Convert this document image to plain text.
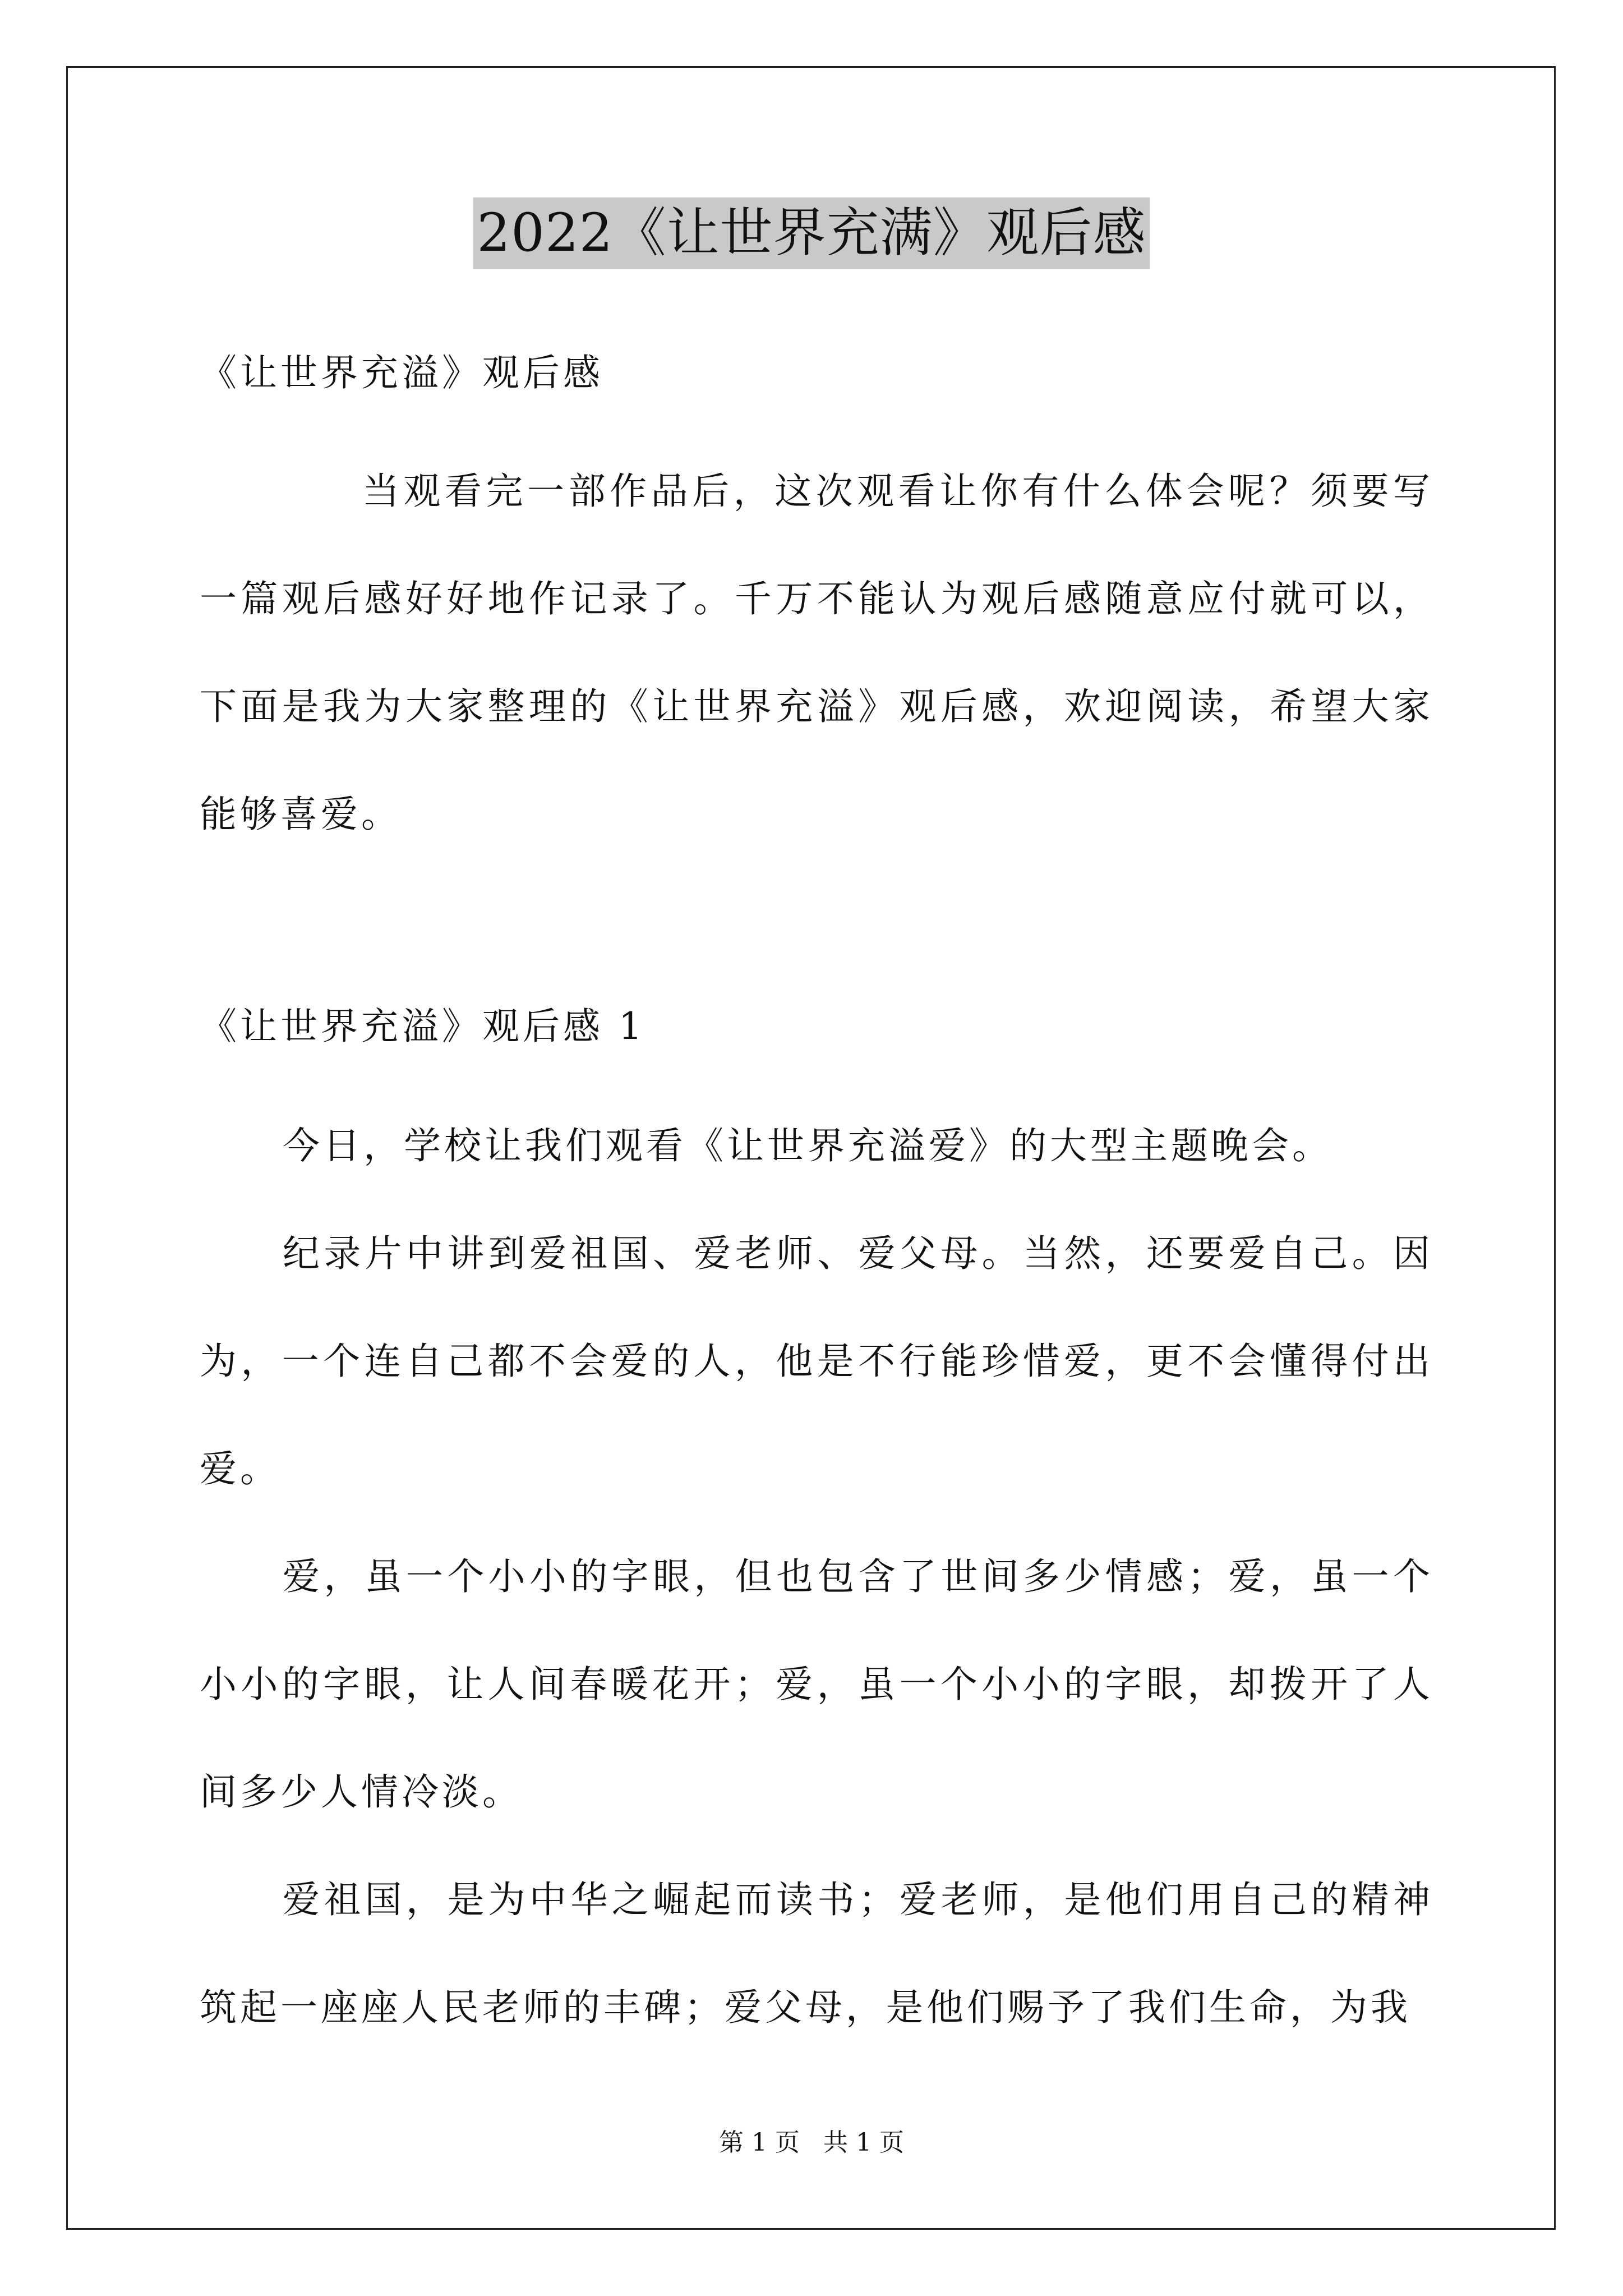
2022《让世界充满》观后感
《让世界充溢》观后感
当观看完一部作品后，这次观看让你有什么体会呢？须要写一篇观后感好好地作记录了。千万不能认为观后感随意应付就可以，下面是我为大家整理的《让世界充溢》观后感，欢迎阅读，希望大家能够喜爱。
《让世界充溢》观后感 1
今日，学校让我们观看《让世界充溢爱》的大型主题晚会。
纪录片中讲到爱祖国、爱老师、爱父母。当然，还要爱自己。因为，一个连自己都不会爱的人，他是不行能珍惜爱，更不会懂得付出爱。
爱，虽一个小小的字眼，但也包含了世间多少情感；爱，虽一个小小的字眼，让人间春暖花开；爱，虽一个小小的字眼，却拨开了人间多少人情冷淡。
爱祖国，是为中华之崛起而读书；爱老师，是他们用自己的精神筑起一座座人民老师的丰碑；爱父母，是他们赐予了我们生命，为我
第 1 页   共 1 页
